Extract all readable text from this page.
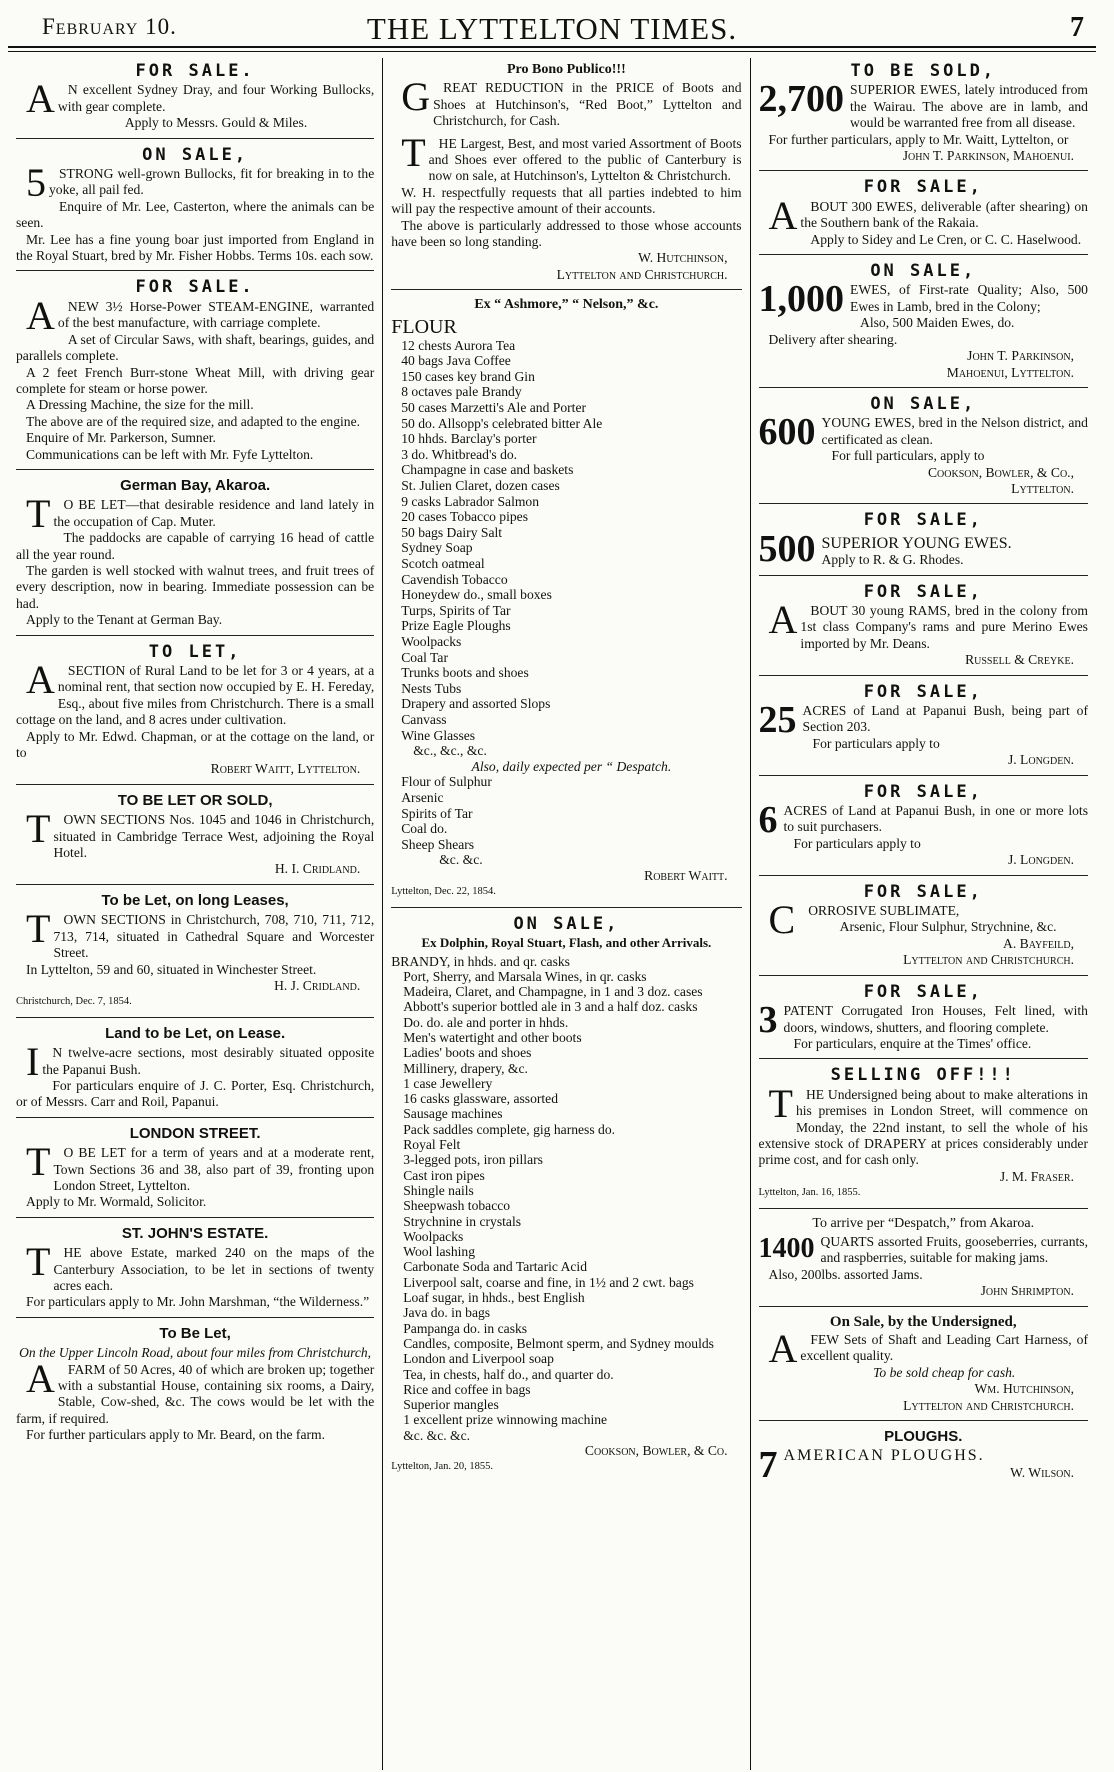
February 10.	THE LYTTELTON TIMES.	7
FOR SALE.

AN excellent Sydney Dray, and four Working Bullocks, with gear complete.

Apply to Messrs. Gould & Miles.
ON SALE,

5STRONG well-grown Bullocks, fit for breaking in to the yoke, all pail fed.

Enquire of Mr. Lee, Casterton, where the animals can be seen.

Mr. Lee has a fine young boar just imported from England in the Royal Stuart, bred by Mr. Fisher Hobbs. Terms 10s. each sow.

FOR SALE.

ANEW 3½ Horse-Power STEAM-ENGINE, warranted of the best manufacture, with carriage complete.

A set of Circular Saws, with shaft, bearings, guides, and parallels complete.

A 2 feet French Burr-stone Wheat Mill, with driving gear complete for steam or horse power.

A Dressing Machine, the size for the mill.

The above are of the required size, and adapted to the engine.

Enquire of Mr. Parkerson, Sumner.

Communications can be left with Mr. Fyfe Lyttelton.

German Bay, Akaroa.

TO BE LET—that desirable residence and land lately in the occupation of Cap. Muter.

The paddocks are capable of carrying 16 head of cattle all the year round.

The garden is well stocked with walnut trees, and fruit trees of every description, now in bearing. Immediate possession can be had.

Apply to the Tenant at German Bay.

TO LET,

ASECTION of Rural Land to be let for 3 or 4 years, at a nominal rent, that section now occupied by E. H. Fereday, Esq., about five miles from Christchurch. There is a small cottage on the land, and 8 acres under cultivation.

Apply to Mr. Edwd. Chapman, or at the cottage on the land, or to

Robert Waitt, Lyttelton.
TO BE LET OR SOLD,

TOWN SECTIONS Nos. 1045 and 1046 in Christchurch, situated in Cambridge Terrace West, adjoining the Royal Hotel.

H. I. Cridland.
To be Let, on long Leases,

TOWN SECTIONS in Christchurch, 708, 710, 711, 712, 713, 714, situated in Cathedral Square and Worcester Street.

In Lyttelton, 59 and 60, situated in Winchester Street.

H. J. Cridland.
Christchurch, Dec. 7, 1854.
Land to be Let, on Lease.

IN twelve-acre sections, most desirably situated opposite the Papanui Bush.

For particulars enquire of J. C. Porter, Esq. Christchurch, or of Messrs. Carr and Roil, Papanui.

LONDON STREET.

TO BE LET for a term of years and at a moderate rent, Town Sections 36 and 38, also part of 39, fronting upon London Street, Lyttelton.

Apply to Mr. Wormald, Solicitor.

ST. JOHN'S ESTATE.

THE above Estate, marked 240 on the maps of the Canterbury Association, to be let in sections of twenty acres each.

For particulars apply to Mr. John Marshman, “the Wilderness.”

To Be Let,
On the Upper Lincoln Road, about four miles from Christchurch,

AFARM of 50 Acres, 40 of which are broken up; together with a substantial House, containing six rooms, a Dairy, Stable, Cow-shed, &c. The cows would be let with the farm, if required.

For further particulars apply to Mr. Beard, on the farm.

Pro Bono Publico!!!

GREAT REDUCTION in the PRICE of Boots and Shoes at Hutchinson's, “Red Boot,” Lyttelton and Christchurch, for Cash.

THE Largest, Best, and most varied Assortment of Boots and Shoes ever offered to the public of Canterbury is now on sale, at Hutchinson's, Lyttelton & Christchurch.

W. H. respectfully requests that all parties indebted to him will pay the respective amount of their accounts.

The above is particularly addressed to those whose accounts have been so long standing.

W. Hutchinson,
Lyttelton and Christchurch.
Ex “ Ashmore,” “ Nelson,” &c.
FLOUR
12 chests Aurora Tea
40 bags Java Coffee
150 cases key brand Gin
8 octaves pale Brandy
50 cases Marzetti's Ale and Porter
50 do. Allsopp's celebrated bitter Ale
10 hhds. Barclay's porter
3 do. Whitbread's do.
Champagne in case and baskets
St. Julien Claret, dozen cases
9 casks Labrador Salmon
20 cases Tobacco pipes
50 bags Dairy Salt
Sydney Soap
Scotch oatmeal
Cavendish Tobacco
Honeydew do., small boxes
Turps, Spirits of Tar
Prize Eagle Ploughs
Woolpacks
Coal Tar
Trunks boots and shoes
Nests Tubs
Drapery and assorted Slops
Canvass
Wine Glasses
&c., &c., &c.
Also, daily expected per “ Despatch.
Flour of Sulphur
Arsenic
Spirits of Tar
Coal do.
Sheep Shears
&c. &c.
Robert Waitt.
Lyttelton, Dec. 22, 1854.
ON SALE,
Ex Dolphin, Royal Stuart, Flash, and other Arrivals.
BRANDY, in hhds. and qr. casks
Port, Sherry, and Marsala Wines, in qr. casks
Madeira, Claret, and Champagne, in 1 and 3 doz. cases
Abbott's superior bottled ale in 3 and a half doz. casks
Do. do. ale and porter in hhds.
Men's watertight and other boots
Ladies' boots and shoes
Millinery, drapery, &c.
1 case Jewellery
16 casks glassware, assorted
Sausage machines
Pack saddles complete, gig harness do.
Royal Felt
3-legged pots, iron pillars
Cast iron pipes
Shingle nails
Sheepwash tobacco
Strychnine in crystals
Woolpacks
Wool lashing
Carbonate Soda and Tartaric Acid
Liverpool salt, coarse and fine, in 1½ and 2 cwt. bags
Loaf sugar, in hhds., best English
Java do. in bags
Pampanga do. in casks
Candles, composite, Belmont sperm, and Sydney moulds
London and Liverpool soap
Tea, in chests, half do., and quarter do.
Rice and coffee in bags
Superior mangles
1 excellent prize winnowing machine
&c. &c. &c.
Cookson, Bowler, & Co.
Lyttelton, Jan. 20, 1855.
TO BE SOLD,
2,700 SUPERIOR EWES, lately introduced from the Wairau. The above are in lamb, and would be warranted free from all disease.

For further particulars, apply to Mr. Waitt, Lyttelton, or

John T. Parkinson, Mahoenui.
FOR SALE,

ABOUT 300 EWES, deliverable (after shearing) on the Southern bank of the Rakaia.

Apply to Sidey and Le Cren, or C. C. Haselwood.

ON SALE,
1,000 EWES, of First-rate Quality; Also, 500 Ewes in Lamb, bred in the Colony;

Also, 500 Maiden Ewes, do.

Delivery after shearing.

John T. Parkinson,
Mahoenui, Lyttelton.
ON SALE,
600 YOUNG EWES, bred in the Nelson district, and certificated as clean.

For full particulars, apply to

Cookson, Bowler, & Co.,
Lyttelton.
FOR SALE,
500 SUPERIOR YOUNG EWES.

Apply to R. & G. Rhodes.

FOR SALE,

ABOUT 30 young RAMS, bred in the colony from 1st class Company's rams and pure Merino Ewes imported by Mr. Deans.

Russell & Creyke.
FOR SALE,
25 ACRES of Land at Papanui Bush, being part of Section 203.

For particulars apply to

J. Longden.
FOR SALE,
6 ACRES of Land at Papanui Bush, in one or more lots to suit purchasers.

For particulars apply to

J. Longden.
FOR SALE,

CORROSIVE SUBLIMATE,

Arsenic, Flour Sulphur, Strychnine, &c.

A. Bayfeild,
Lyttelton and Christchurch.
FOR SALE,
3 PATENT Corrugated Iron Houses, Felt lined, with doors, windows, shutters, and flooring complete.

For particulars, enquire at the Times' office.

SELLING OFF!!!

THE Undersigned being about to make alterations in his premises in London Street, will commence on Monday, the 22nd instant, to sell the whole of his extensive stock of DRAPERY at prices considerably under prime cost, and for cash only.

J. M. Fraser.
Lyttelton, Jan. 16, 1855.
To arrive per “Despatch,” from Akaroa.
1400 QUARTS assorted Fruits, gooseberries, currants, and raspberries, suitable for making jams.

Also, 200lbs. assorted Jams.

John Shrimpton.
On Sale, by the Undersigned,

AFEW Sets of Shaft and Leading Cart Harness, of excellent quality.

To be sold cheap for cash.
Wm. Hutchinson,
Lyttelton and Christchurch.
PLOUGHS.
7 AMERICAN PLOUGHS.

W. Wilson.
